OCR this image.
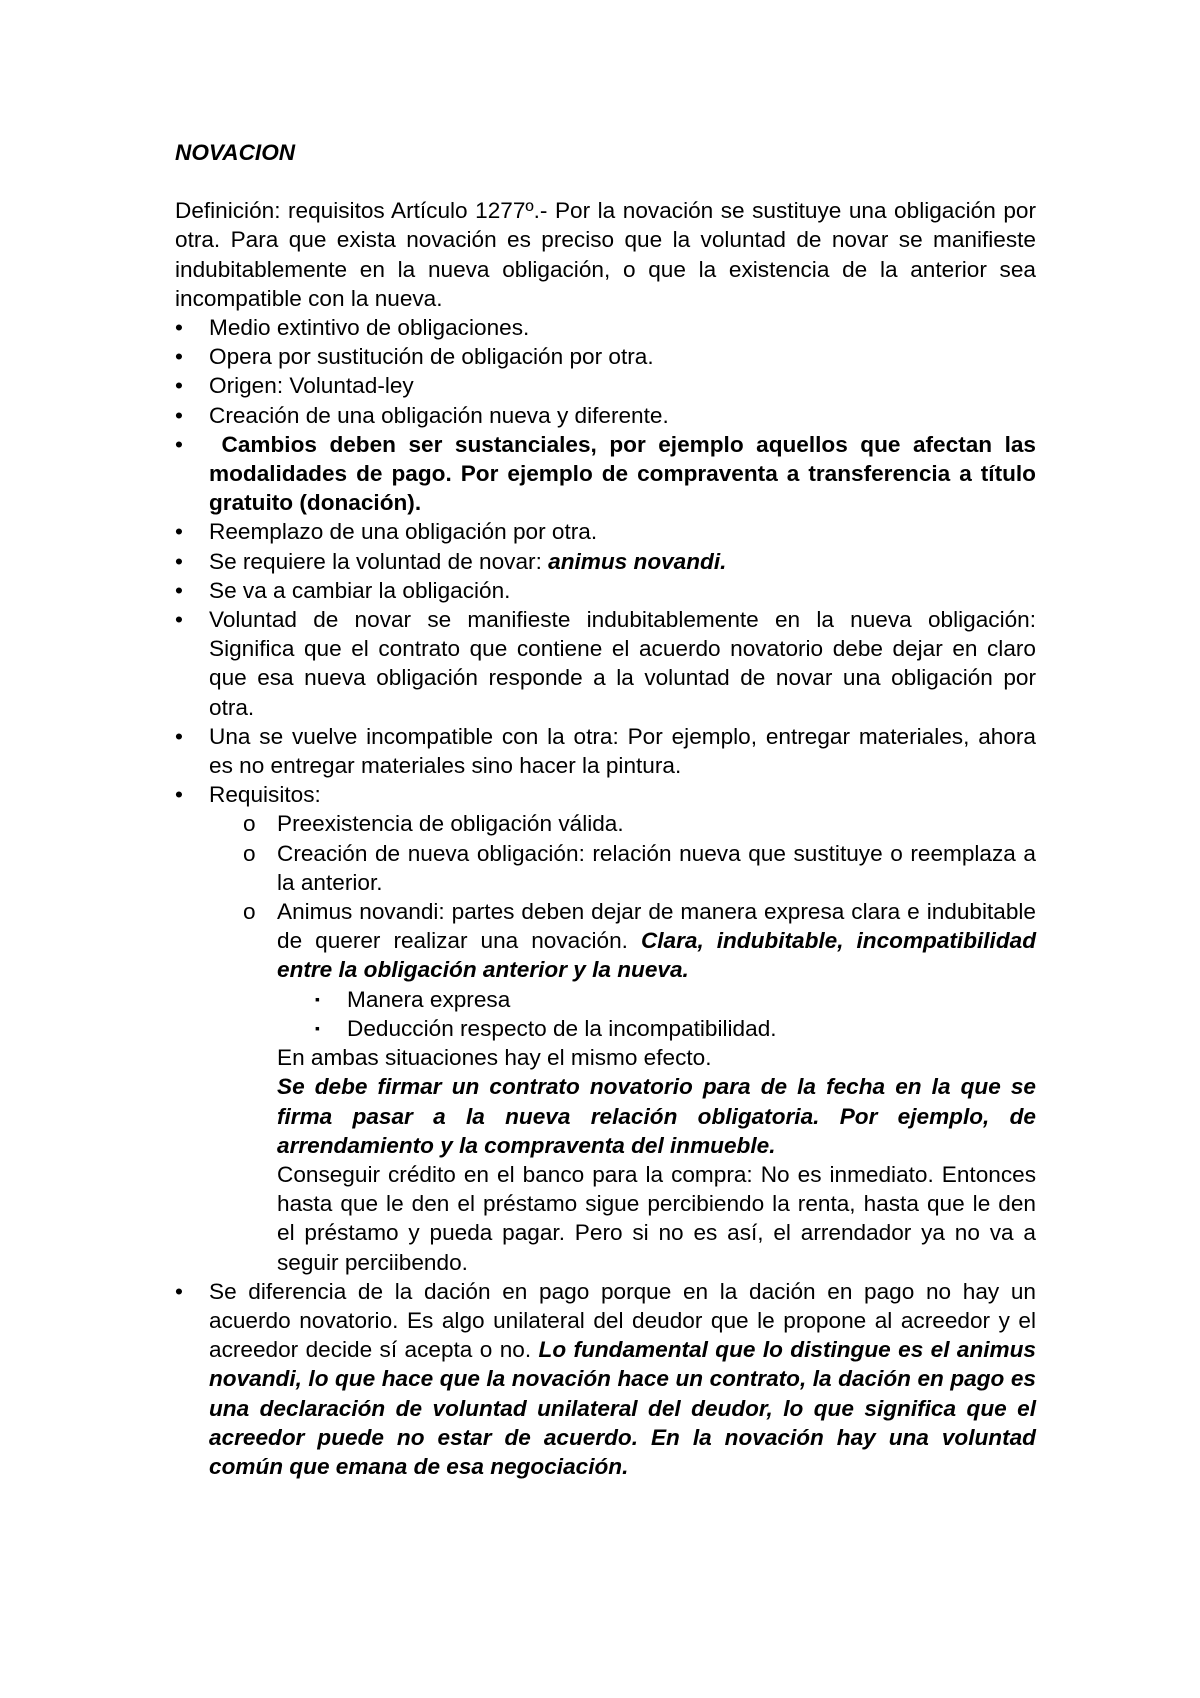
NOVACION

Definición: requisitos Artículo 1277º.- Por la novación se sustituye una obligación por otra. Para que exista novación es preciso que la voluntad de novar se manifieste indubitablemente en la nueva obligación, o que la existencia de la anterior sea incompatible con la nueva.

•	Medio extintivo de obligaciones.
•	Opera por sustitución de obligación por otra.
•	Origen: Voluntad-ley
•	Creación de una obligación nueva y diferente.
•	Cambios deben ser sustanciales, por ejemplo aquellos que afectan las modalidades de pago. Por ejemplo de compraventa a transferencia a título gratuito (donación).
•	Reemplazo de una obligación por otra.
•	Se requiere la voluntad de novar: animus novandi.
•	Se va a cambiar la obligación.
•	Voluntad de novar se manifieste indubitablemente en la nueva obligación: Significa que el contrato que contiene el acuerdo novatorio debe dejar en claro que esa nueva obligación responde a la voluntad de novar una obligación por otra.
•	Una se vuelve incompatible con la otra: Por ejemplo, entregar materiales, ahora es no entregar materiales sino hacer la pintura.
•	Requisitos:
o Preexistencia de obligación válida.
o Creación de nueva obligación: relación nueva que sustituye o reemplaza a la anterior.
o Animus novandi: partes deben dejar de manera expresa clara e indubitable de querer realizar una novación. Clara, indubitable, incompatibilidad entre la obligación anterior y la nueva.
▪ Manera expresa
▪ Deducción respecto de la incompatibilidad.

En ambas situaciones hay el mismo efecto.

Se debe firmar un contrato novatorio para de la fecha en la que se firma pasar a la nueva relación obligatoria. Por ejemplo, de arrendamiento y la compraventa del inmueble.

Conseguir crédito en el banco para la compra: No es inmediato. Entonces hasta que le den el préstamo sigue percibiendo la renta, hasta que le den el préstamo y pueda pagar. Pero si no es así, el arrendador ya no va a seguir perciibendo.

•	Se diferencia de la dación en pago porque en la dación en pago no hay un acuerdo novatorio. Es algo unilateral del deudor que le propone al acreedor y el acreedor decide sí acepta o no. Lo fundamental que lo distingue es el animus novandi, lo que hace que la novación hace un contrato, la dación en pago es una declaración de voluntad unilateral del deudor, lo que significa que el acreedor puede no estar de acuerdo. En la novación hay una voluntad común que emana de esa negociación.
